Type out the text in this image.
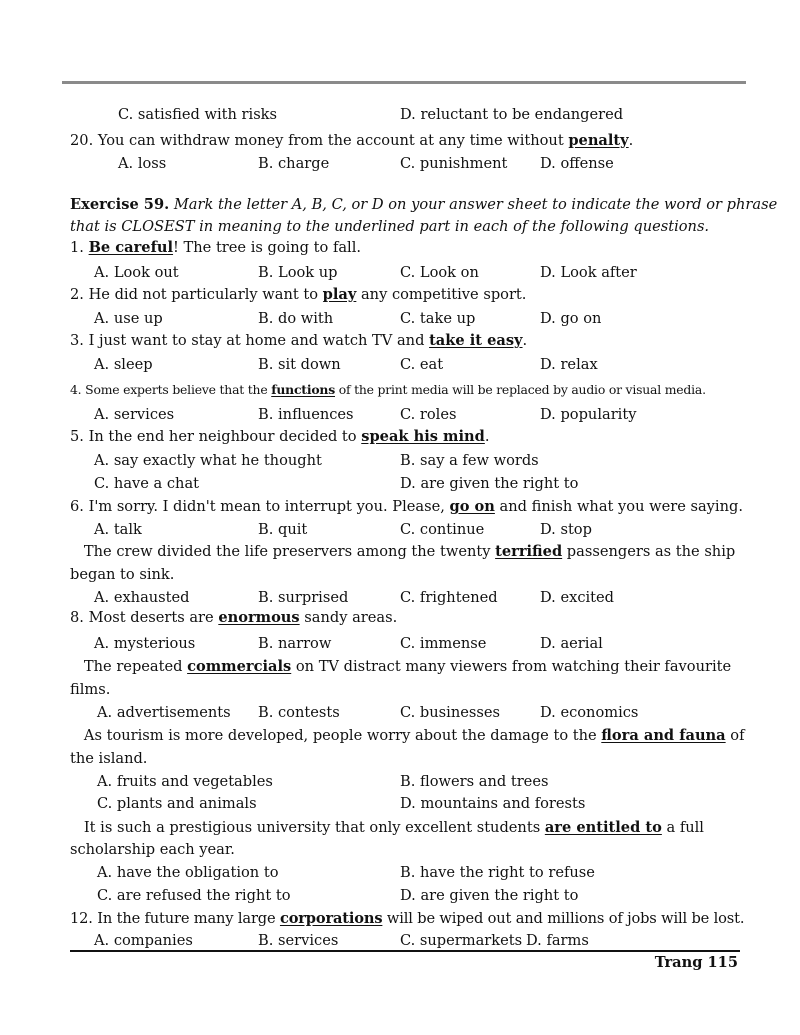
C. satisfied with risks	D. reluctant to be endangered
20. You can withdraw money from the account at any time without penalty.
A. loss	B. charge	C. punishment D. offense
Exercise 59. Mark the letter A, B, C, or D on your answer sheet to indicate the word or phrase
that is CLOSEST in meaning to the underlined part in each of the following questions.
1. Be careful! The tree is going to fall.
A. Look out	B. Look up	C. Look on	D. Look after
2. He did not particularly want to play any competitive sport.
A. use up	B. do with	C. take up	D. go on
3. I just want to stay at home and watch TV and take it easy.
A. sleep	B. sit down	C. eat	D. relax
4. Some experts believe that the functions of the print media will be replaced by audio or visual media.
A. services	B. influences	C. roles	D. popularity
5. In the end her neighbour decided to speak his mind.
A. say exactly what he thought	B. say a few words
C. have a chat	D. are given the right to
6. I'm sorry. I didn't mean to interrupt you. Please, go on and finish what you were saying.
A. talk	B. quit	C. continue	D. stop
The crew divided the life preservers among the twenty terrified passengers as the ship
began to sink.
A. exhausted	B. surprised	C. frightened	D. excited
8. Most deserts are enormous sandy areas.
A. mysterious	B. narrow	C. immense	D. aerial
The repeated commercials on TV distract many viewers from watching their favourite
films.
A. advertisements B. contests	C. businesses	D. economics
As tourism is more developed, people worry about the damage to the flora and fauna of
the island.
A. fruits and vegetables	B. flowers and trees
C. plants and animals	D. mountains and forests
It is such a prestigious university that only excellent students are entitled to a full
scholarship each year.
A. have the obligation to	B. have the right to refuse
C. are refused the right to	D. are given the right to
12. In the future many large corporations will be wiped out and millions of jobs will be lost.
A. companies	B. services	C. supermarkets D. farms
Trang 115
